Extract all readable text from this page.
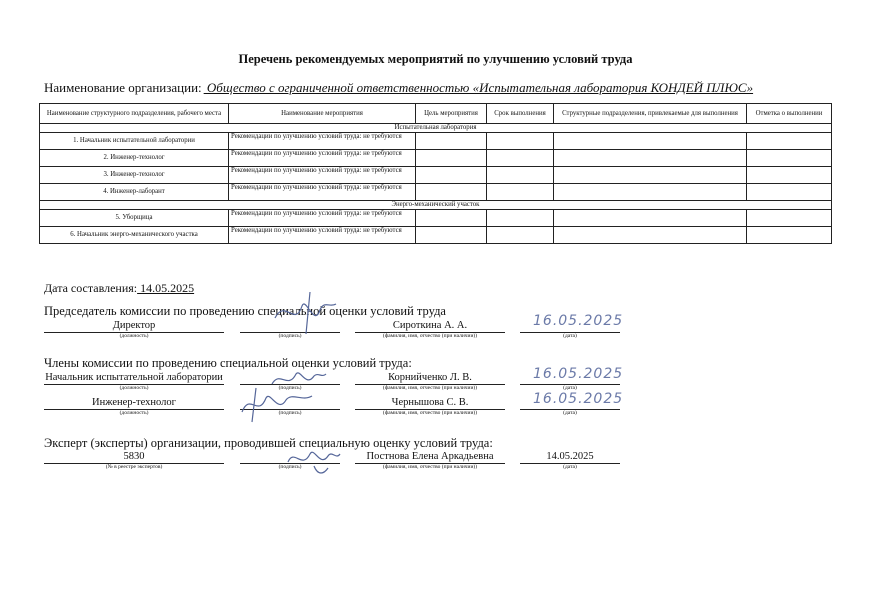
Перечень рекомендуемых мероприятий по улучшению условий труда
Наименование организации: Общество с ограниченной ответственностью «Испытательная лаборатория КОНДЕЙ ПЛЮС»
Наименование структурного подразделения, рабочего места	Наименование мероприятия	Цель мероприятия	Срок выполнения	Структурные подразделения, привлекаемые для выполнения	Отметка о выполнении
Испытательная лаборатория					
1. Начальник испытательной лаборатории	Рекомендации по улучшению условий труда: не требуются				
2. Инженер-технолог	Рекомендации по улучшению условий труда: не требуются				
3. Инженер-технолог	Рекомендации по улучшению условий труда: не требуются				
4. Инженер-лаборант	Рекомендации по улучшению условий труда: не требуются				
Энерго-механический участок					
5. Уборщица	Рекомендации по улучшению условий труда: не требуются				
6. Начальник энерго-механического участка	Рекомендации по улучшению условий труда: не требуются				
Дата составления: 14.05.2025
Председатель комиссии по проведению специальной оценки условий труда
Директор	Сироткина А. А.	16.05.2025
(должность)	(подпись)	(фамилия, имя, отчество (при наличии))	(дата)
Члены комиссии по проведению специальной оценки условий труда:
Начальник испытательной лаборатории	Корнийченко Л. В.	16.05.2025
(должность)	(подпись)	(фамилия, имя, отчество (при наличии))	(дата)
Инженер-технолог	Чернышова С. В.	16.05.2025
(должность)	(подпись)	(фамилия, имя, отчество (при наличии))	(дата)
Эксперт (эксперты) организации, проводившей специальную оценку условий труда:
5830	Постнова Елена Аркадьевна	14.05.2025
(№ в реестре экспертов)	(подпись)	(фамилия, имя, отчество (при наличии))	(дата)
